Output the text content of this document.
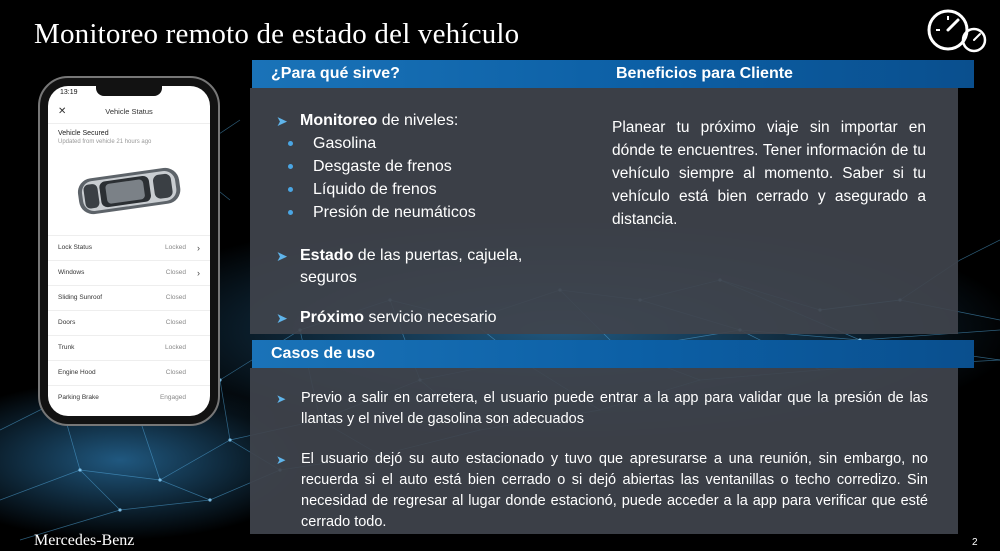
Monitoreo remoto de estado del vehículo
13:19
✕	Vehicle Status
Vehicle Secured
Updated from vehicle 21 hours ago
Lock Status	Locked ›
Windows	Closed ›
Sliding Sunroof	Closed
Doors	Closed
Trunk	Locked
Engine Hood	Closed
Parking Brake	Engaged
¿Para qué sirve?	Beneficios para Cliente
➤ Monitoreo de niveles:
Gasolina
Desgaste de frenos
Líquido de frenos
Presión de neumáticos
➤ Estado de las puertas, cajuela, seguros
➤ Próximo servicio necesario
Planear tu próximo viaje sin importar en dónde te encuentres. Tener información de tu vehículo siempre al momento. Saber si tu vehículo está bien cerrado y asegurado a distancia.
Casos de uso
➤ Previo a salir en carretera, el usuario puede entrar a la app para validar que la presión de las llantas y el nivel de gasolina son adecuados
➤ El usuario dejó su auto estacionado y tuvo que apresurarse a una reunión, sin embargo, no recuerda si el auto está bien cerrado o si dejó abiertas las ventanillas o techo corredizo. Sin necesidad de regresar al lugar donde estacionó, puede acceder a la app para verificar que esté cerrado todo.
Mercedes-Benz	2
